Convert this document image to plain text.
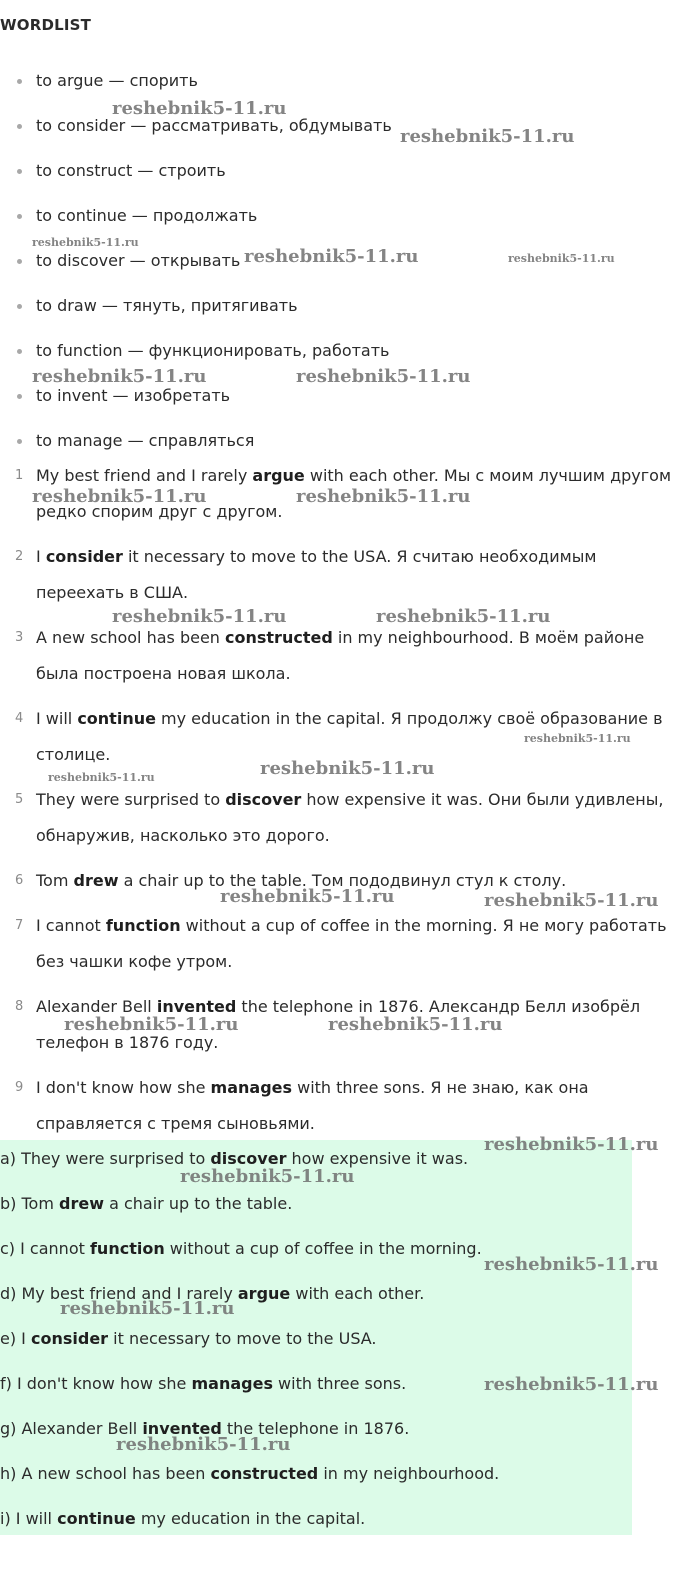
WORDLIST
to argue — спорить
to consider — рассматривать, обдумывать
to construct — строить
to continue — продолжать
to discover — открывать
to draw — тянуть, притягивать
to function — функционировать, работать
to invent — изобретать
to manage — справляться
1 My best friend and I rarely argue with each other. Мы с моим лучшим другом
редко спорим друг с другом.
2 I consider it necessary to move to the USA. Я считаю необходимым
переехать в США.
3 A new school has been constructed in my neighbourhood. В моём районе
была построена новая школа.
4 I will continue my education in the capital. Я продолжу своё образование в
столице.
5 They were surprised to discover how expensive it was. Они были удивлены,
обнаружив, насколько это дорого.
6 Tom drew a chair up to the table. Том пододвинул стул к столу.
7 I cannot function without a cup of coffee in the morning. Я не могу работать
без чашки кофе утром.
8 Alexander Bell invented the telephone in 1876. Александр Белл изобрёл
телефон в 1876 году.
9 I don't know how she manages with three sons. Я не знаю, как она
справляется с тремя сыновьями.
a) They were surprised to discover how expensive it was.
b) Tom drew a chair up to the table.
c) I cannot function without a cup of coffee in the morning.
d) My best friend and I rarely argue with each other.
e) I consider it necessary to move to the USA.
f) I don't know how she manages with three sons.
g) Alexander Bell invented the telephone in 1876.
h) A new school has been constructed in my neighbourhood.
i) I will continue my education in the capital.
reshebnik5-11.ru
reshebnik5-11.ru
reshebnik5-11.ru
reshebnik5-11.ru	reshebnik5-11.ru
reshebnik5-11.ru	reshebnik5-11.ru
reshebnik5-11.ru	reshebnik5-11.ru
reshebnik5-11.ru	reshebnik5-11.ru
reshebnik5-11.ru
reshebnik5-11.ru
reshebnik5-11.ru
reshebnik5-11.ru	reshebnik5-11.ru
reshebnik5-11.ru	reshebnik5-11.ru
reshebnik5-11.ru
reshebnik5-11.ru
reshebnik5-11.ru
reshebnik5-11.ru
reshebnik5-11.ru
reshebnik5-11.ru
